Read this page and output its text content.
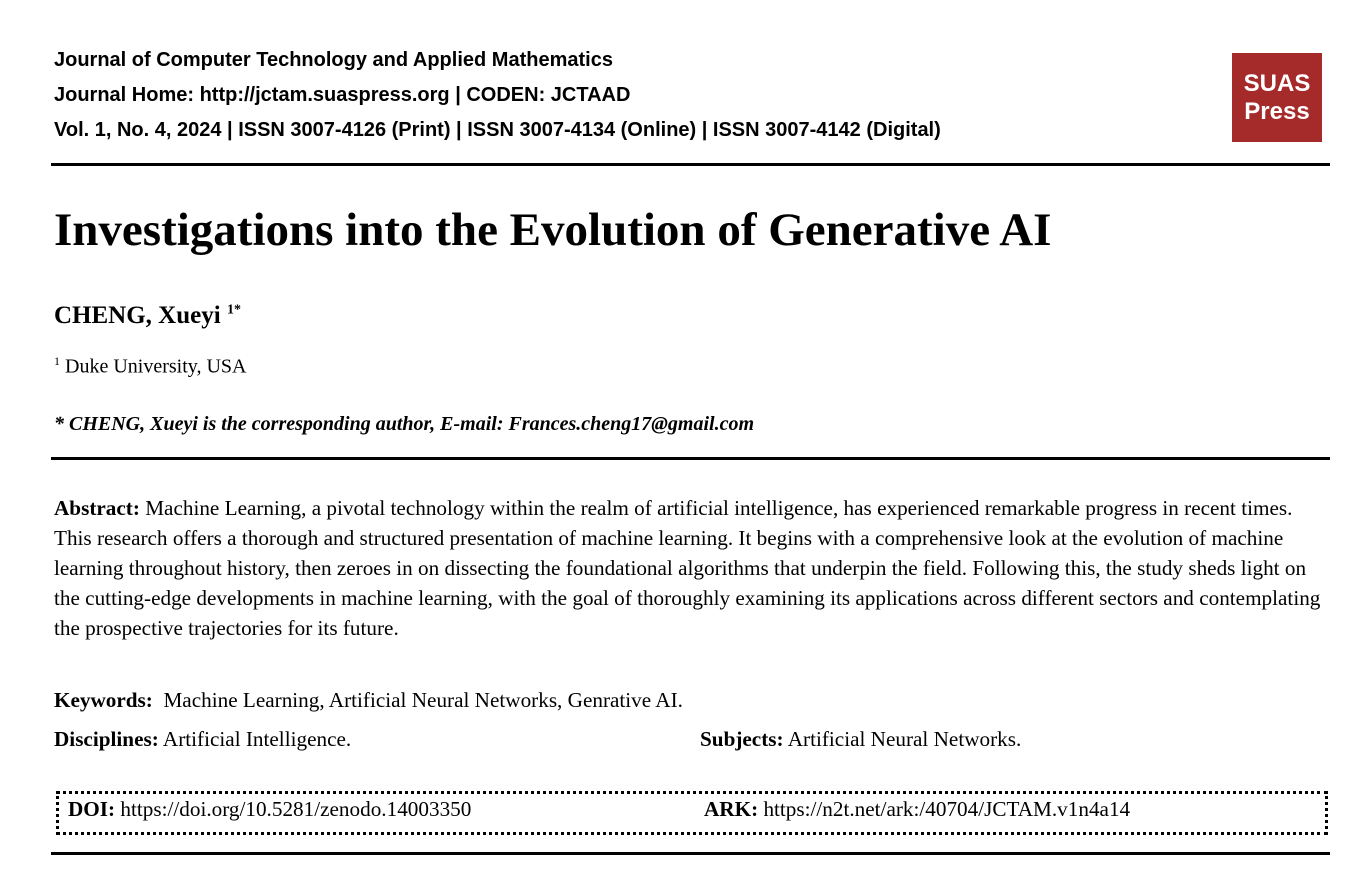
Journal of Computer Technology and Applied Mathematics
Journal Home: http://jctam.suaspress.org | CODEN: JCTAAD
Vol. 1, No. 4, 2024 | ISSN 3007-4126 (Print) | ISSN 3007-4134 (Online) | ISSN 3007-4142 (Digital)
SUAS
Press
Investigations into the Evolution of Generative AI
CHENG, Xueyi $^{1*}$
$^1$ Duke University, USA
* CHENG, Xueyi is the corresponding author, E-mail: Frances.cheng17@gmail.com

Abstract: Machine Learning, a pivotal technology within the realm of artificial intelligence, has experienced remarkable progress in recent times. This research offers a thorough and structured presentation of machine learning. It begins with a comprehensive look at the evolution of machine learning throughout history, then zeroes in on dissecting the foundational algorithms that underpin the field. Following this, the study sheds light on the cutting-edge developments in machine learning, with the goal of thoroughly examining its applications across different sectors and contemplating the prospective trajectories for its future.

Keywords: Machine Learning, Artificial Neural Networks, Genrative AI.
Disciplines: Artificial Intelligence.	Subjects: Artificial Neural Networks.
DOI: https://doi.org/10.5281/zenodo.14003350	ARK: https://n2t.net/ark:/40704/JCTAM.v1n4a14
